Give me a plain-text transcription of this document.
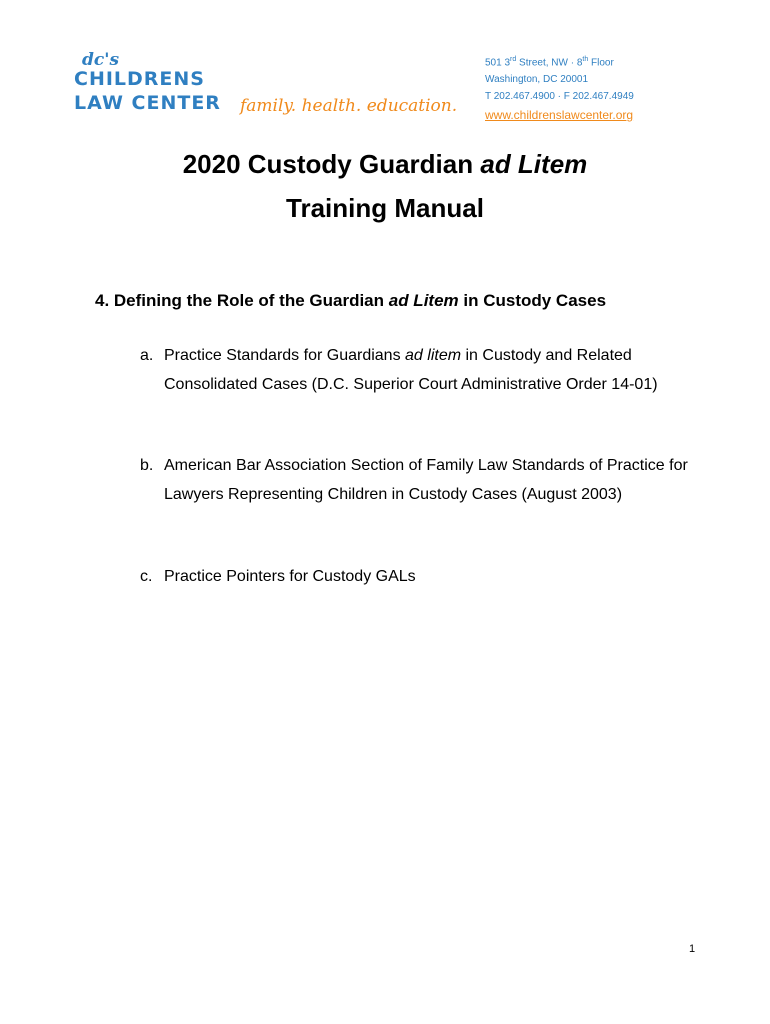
dc's
CHILDRENS
LAW CENTER family. health. education.
501 3rd Street, NW · 8th Floor
Washington, DC 20001
T 202.467.4900 · F 202.467.4949
www.childrenslawcenter.org
2020 Custody Guardian ad Litem
Training Manual
4. Defining the Role of the Guardian ad Litem in Custody Cases
a. Practice Standards for Guardians ad litem in Custody and Related Consolidated Cases (D.C. Superior Court Administrative Order 14-01)
b. American Bar Association Section of Family Law Standards of Practice for Lawyers Representing Children in Custody Cases (August 2003)
c. Practice Pointers for Custody GALs
1
